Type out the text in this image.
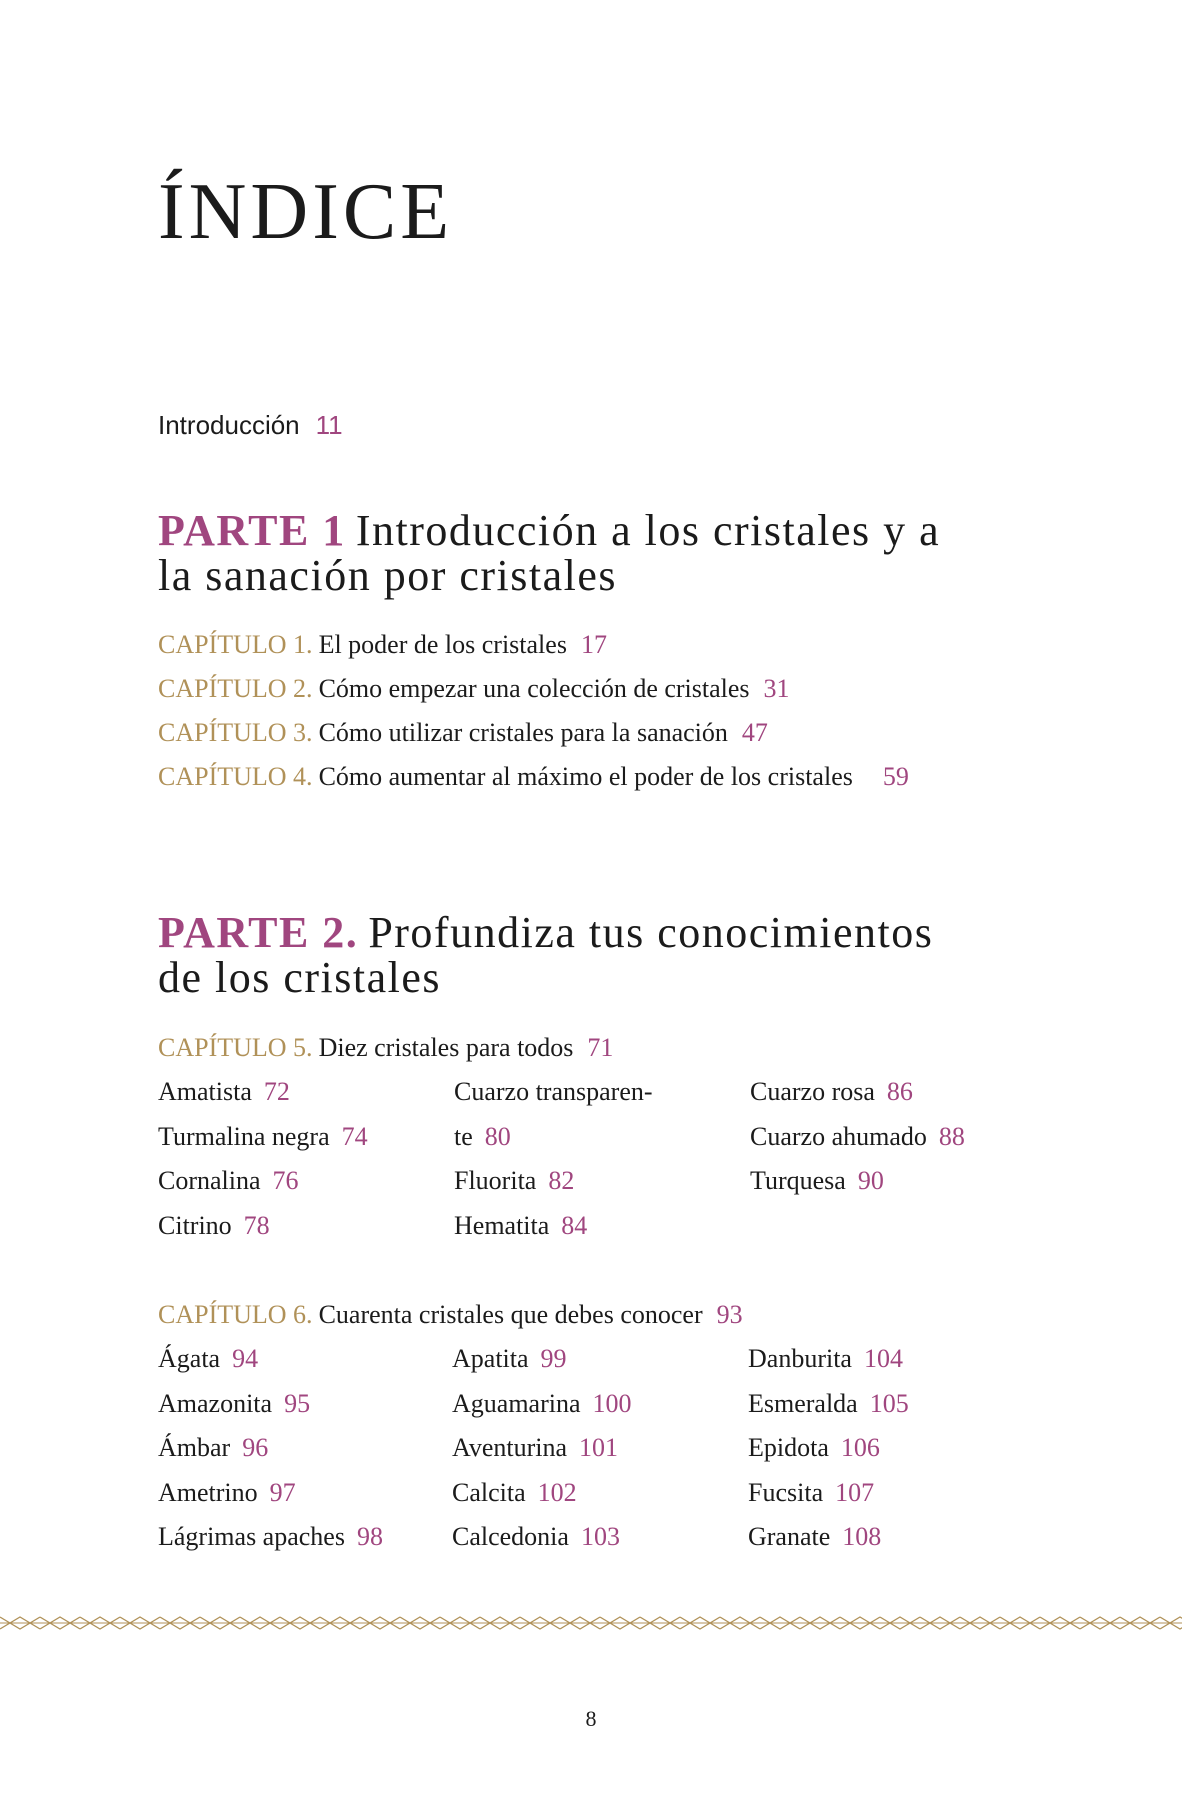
ÍNDICE
Introducción 11
PARTE 1 Introducción a los cristales y a
la sanación por cristales
CAPÍTULO 1. El poder de los cristales 17
CAPÍTULO 2. Cómo empezar una colección de cristales 31
CAPÍTULO 3. Cómo utilizar cristales para la sanación 47
CAPÍTULO 4. Cómo aumentar al máximo el poder de los cristales 59
PARTE 2. Profundiza tus conocimientos
de los cristales
CAPÍTULO 5. Diez cristales para todos 71
Amatista 72
Turmalina negra 74
Cornalina 76
Citrino 78
Cuarzo transparen-
te 80
Fluorita 82
Hematita 84
Cuarzo rosa 86
Cuarzo ahumado 88
Turquesa 90
CAPÍTULO 6. Cuarenta cristales que debes conocer 93
Ágata 94
Amazonita 95
Ámbar 96
Ametrino 97
Lágrimas apaches 98
Apatita 99
Aguamarina 100
Aventurina 101
Calcita 102
Calcedonia 103
Danburita 104
Esmeralda 105
Epidota 106
Fucsita 107
Granate 108
8
